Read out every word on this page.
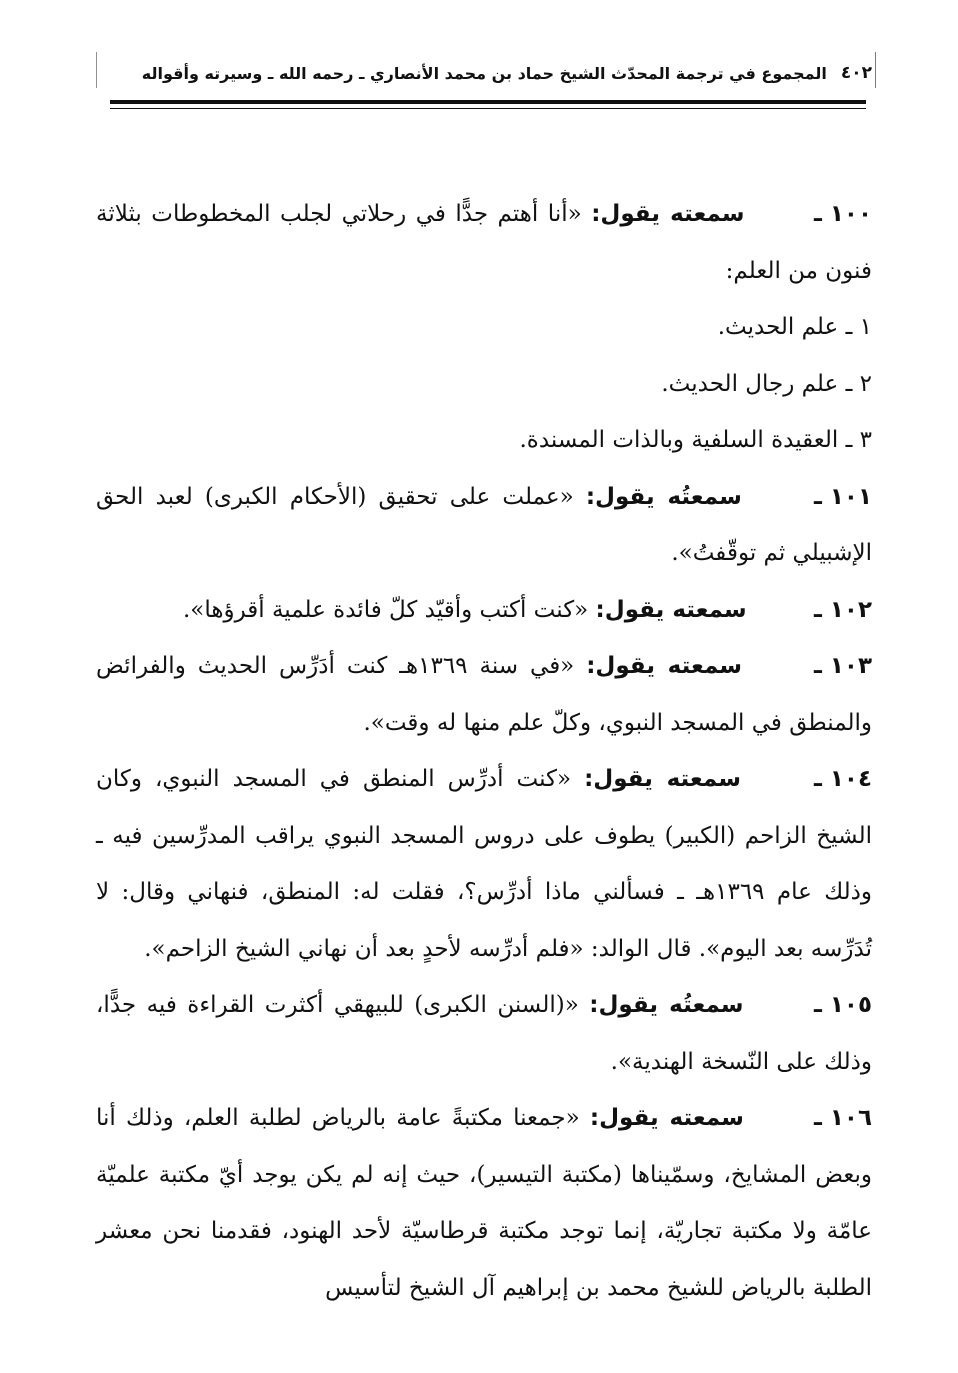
٤٠٢
المجموع في ترجمة المحدّث الشيخ حماد بن محمد الأنصاري ـ رحمه الله ـ وسيرته وأقواله

١٠٠ ـ سمعته يقول: «أنا أهتم جدًّا في رحلاتي لجلب المخطوطات بثلاثة فنون من العلم:

١ ـ علم الحديث.

٢ ـ علم رجال الحديث.

٣ ـ العقيدة السلفية وبالذات المسندة.

١٠١ ـ سمعتُه يقول: «عملت على تحقيق (الأحكام الكبرى) لعبد الحق الإشبيلي ثم توقّفتُ».

١٠٢ ـ سمعته يقول: «كنت أكتب وأقيّد كلّ فائدة علمية أقرؤها».

١٠٣ ـ سمعته يقول: «في سنة ١٣٦٩هـ كنت أدَرِّس الحديث والفرائض والمنطق في المسجد النبوي، وكلّ علم منها له وقت».

١٠٤ ـ سمعته يقول: «كنت أدرِّس المنطق في المسجد النبوي، وكان الشيخ الزاحم (الكبير) يطوف على دروس المسجد النبوي يراقب المدرِّسين فيه ـ وذلك عام ١٣٦٩هـ ـ فسألني ماذا أدرِّس؟، فقلت له: المنطق، فنهاني وقال: لا تُدَرِّسه بعد اليوم». قال الوالد: «فلم أدرِّسه لأحدٍ بعد أن نهاني الشيخ الزاحم».

١٠٥ ـ سمعتُه يقول: «(السنن الكبرى) للبيهقي أكثرت القراءة فيه جدًّا، وذلك على النّسخة الهندية».

١٠٦ ـ سمعته يقول: «جمعنا مكتبةً عامة بالرياض لطلبة العلم، وذلك أنا وبعض المشايخ، وسمّيناها (مكتبة التيسير)، حيث إنه لم يكن يوجد أيّ مكتبة علميّة عامّة ولا مكتبة تجاريّة، إنما توجد مكتبة قرطاسيّة لأحد الهنود، فقدمنا نحن معشر الطلبة بالرياض للشيخ محمد بن إبراهيم آل الشيخ لتأسيس
